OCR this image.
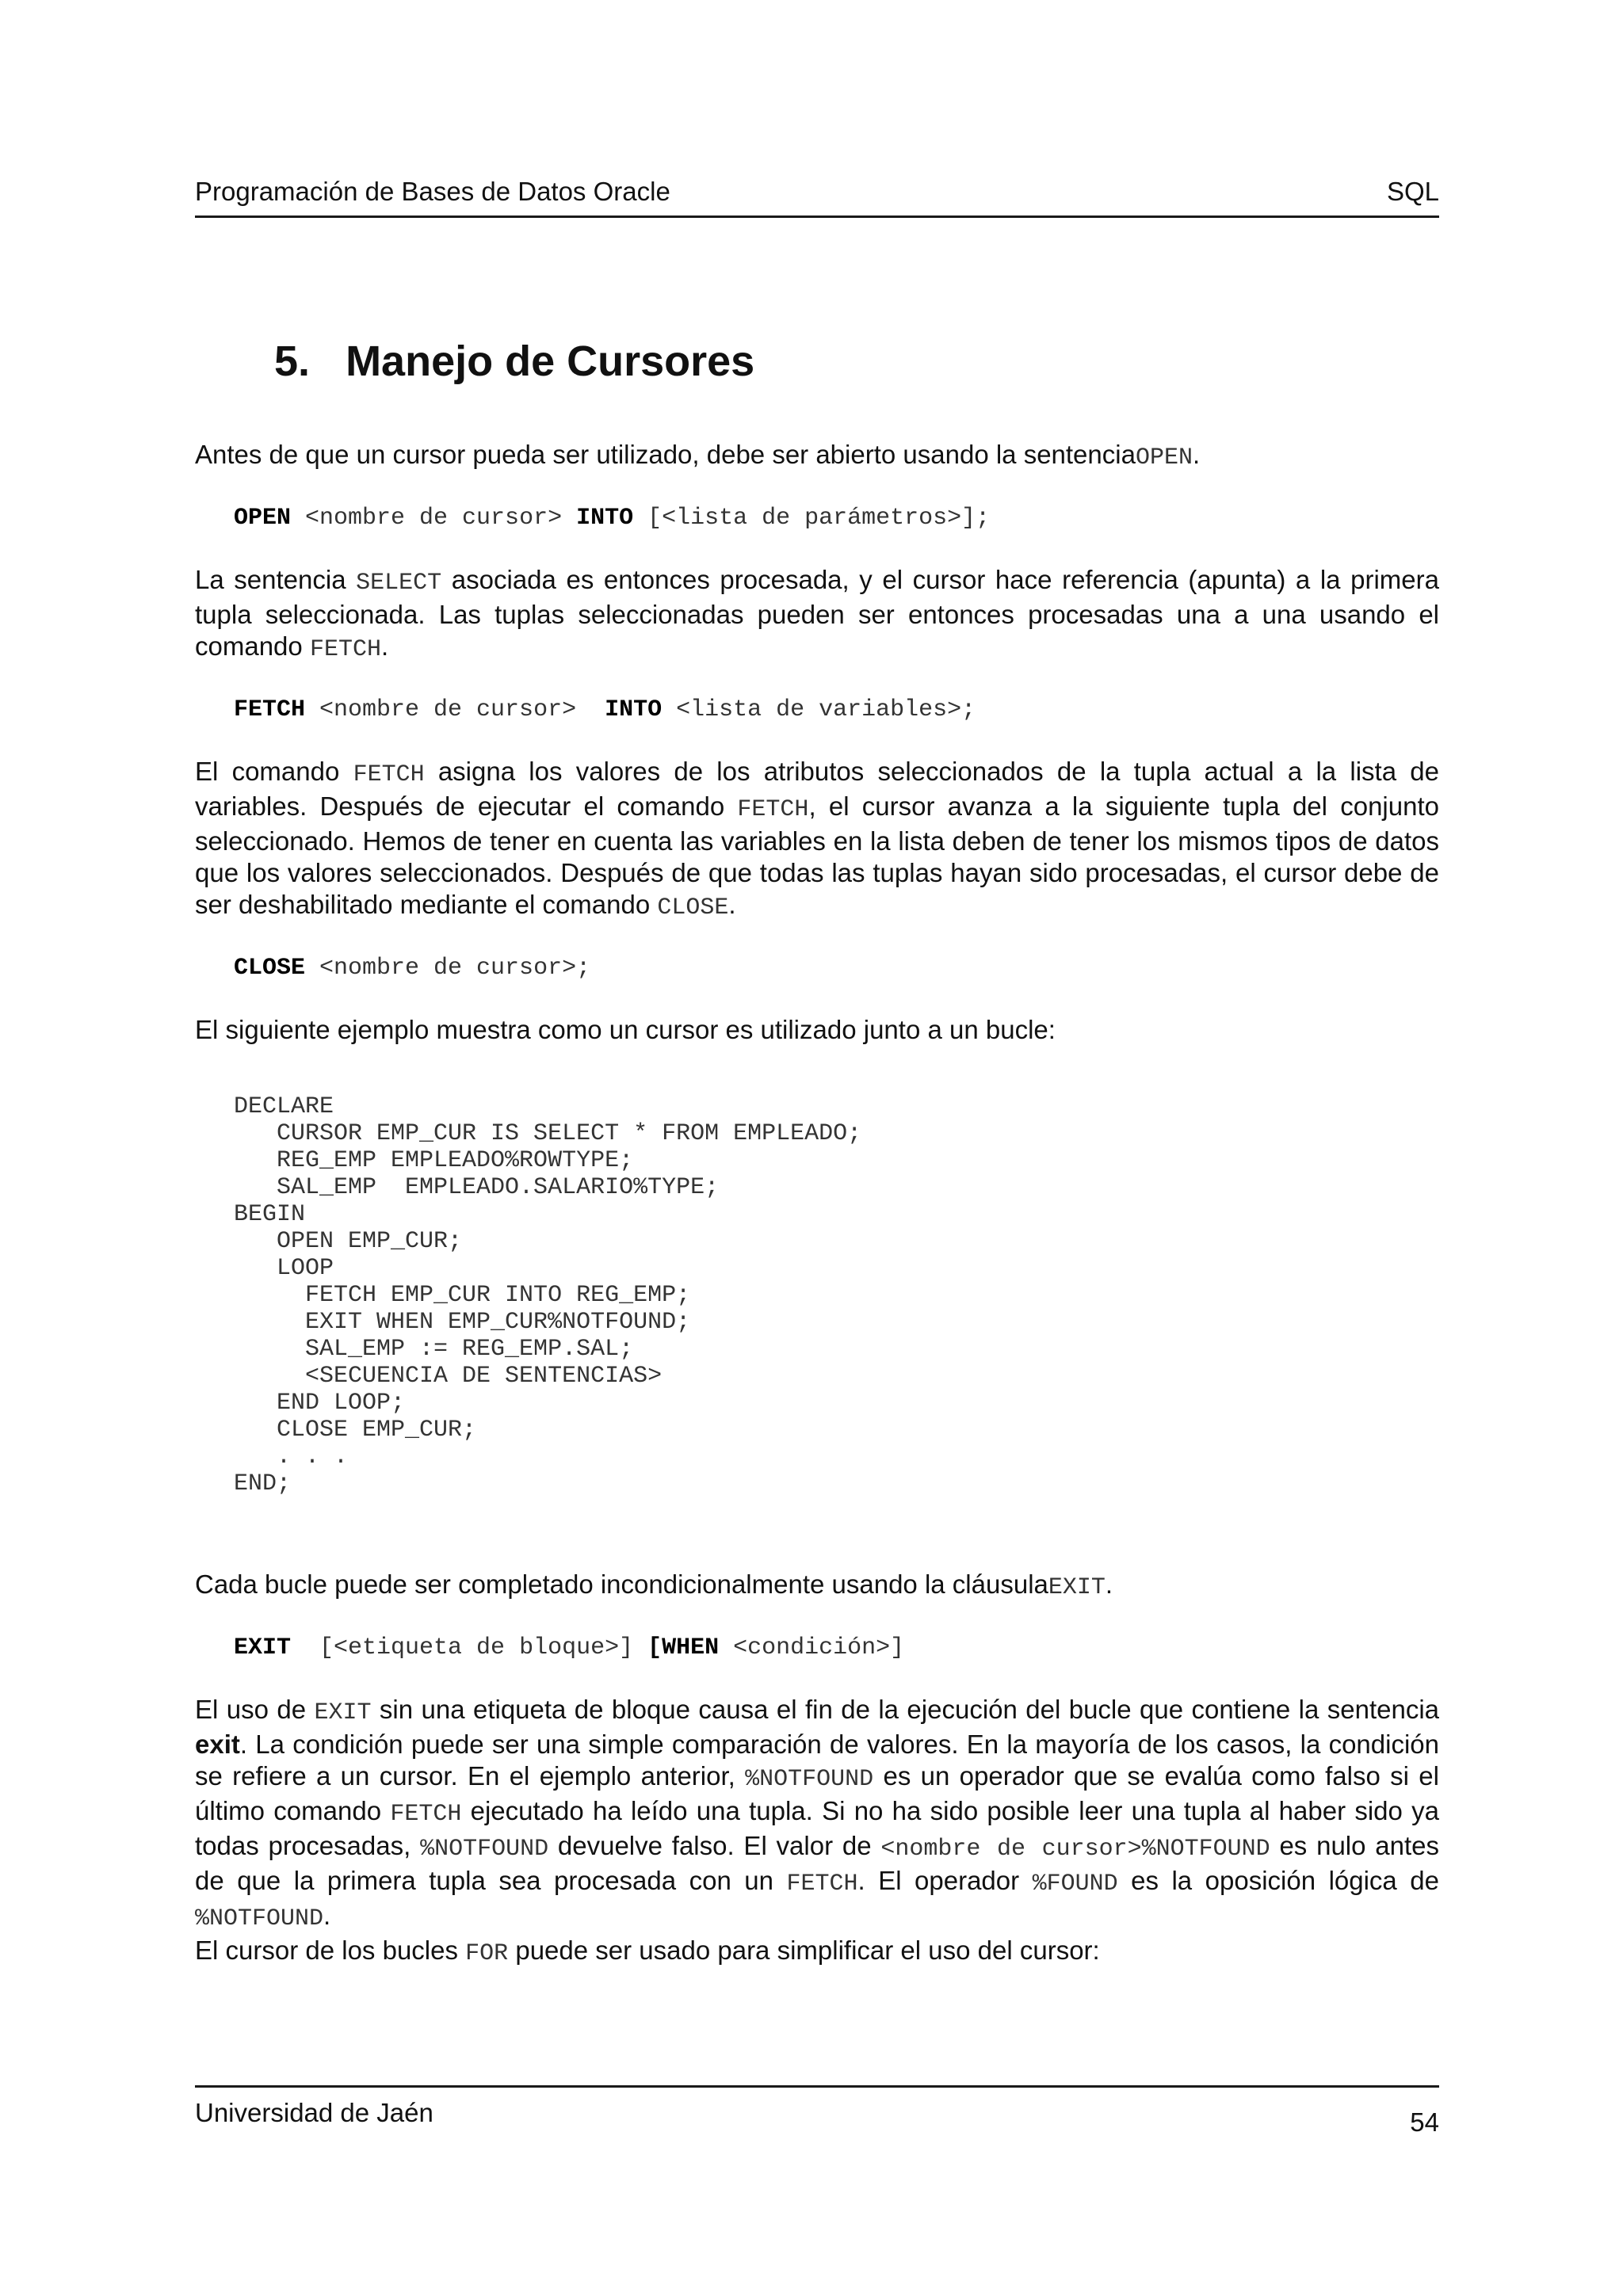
Programación de Bases de Datos Oracle	SQL
5. Manejo de Cursores

Antes de que un cursor pueda ser utilizado, debe ser abierto usando la sentenciaOPEN.

OPEN <nombre de cursor> INTO [<lista de parámetros>];

La sentencia SELECT asociada es entonces procesada, y el cursor hace referencia (apunta) a la primera tupla seleccionada. Las tuplas seleccionadas pueden ser entonces procesadas una a una usando el comando FETCH.

FETCH <nombre de cursor>  INTO <lista de variables>;

El comando FETCH asigna los valores de los atributos seleccionados de la tupla actual a la lista de variables. Después de ejecutar el comando FETCH, el cursor avanza a la siguiente tupla del conjunto seleccionado. Hemos de tener en cuenta las variables en la lista deben de tener los mismos tipos de datos que los valores seleccionados. Después de que todas las tuplas hayan sido procesadas, el cursor debe de ser deshabilitado mediante el comando CLOSE.

CLOSE <nombre de cursor>;

El siguiente ejemplo muestra como un cursor es utilizado junto a un bucle:

DECLARE
CURSOR EMP_CUR IS SELECT * FROM EMPLEADO;
REG_EMP EMPLEADO%ROWTYPE;
SAL_EMP  EMPLEADO.SALARIO%TYPE;
BEGIN
OPEN EMP_CUR;
LOOP
FETCH EMP_CUR INTO REG_EMP;
EXIT WHEN EMP_CUR%NOTFOUND;
SAL_EMP := REG_EMP.SAL;
<SECUENCIA DE SENTENCIAS>
END LOOP;
CLOSE EMP_CUR;
. . .
END;

Cada bucle puede ser completado incondicionalmente usando la cláusulaEXIT.

EXIT  [<etiqueta de bloque>] [WHEN <condición>]

El uso de EXIT sin una etiqueta de bloque causa el fin de la ejecución del bucle que contiene la sentencia exit. La condición puede ser una simple comparación de valores. En la mayoría de los casos, la condición se refiere a un cursor. En el ejemplo anterior, %NOTFOUND es un operador que se evalúa como falso si el último comando FETCH ejecutado ha leído una tupla. Si no ha sido posible leer una tupla al haber sido ya todas procesadas, %NOTFOUND devuelve falso. El valor de <nombre de cursor>%NOTFOUND es nulo antes de que la primera tupla sea procesada con un FETCH. El operador %FOUND es la oposición lógica de %NOTFOUND.

El cursor de los bucles FOR puede ser usado para simplificar el uso del cursor:

Universidad de Jaén	54
